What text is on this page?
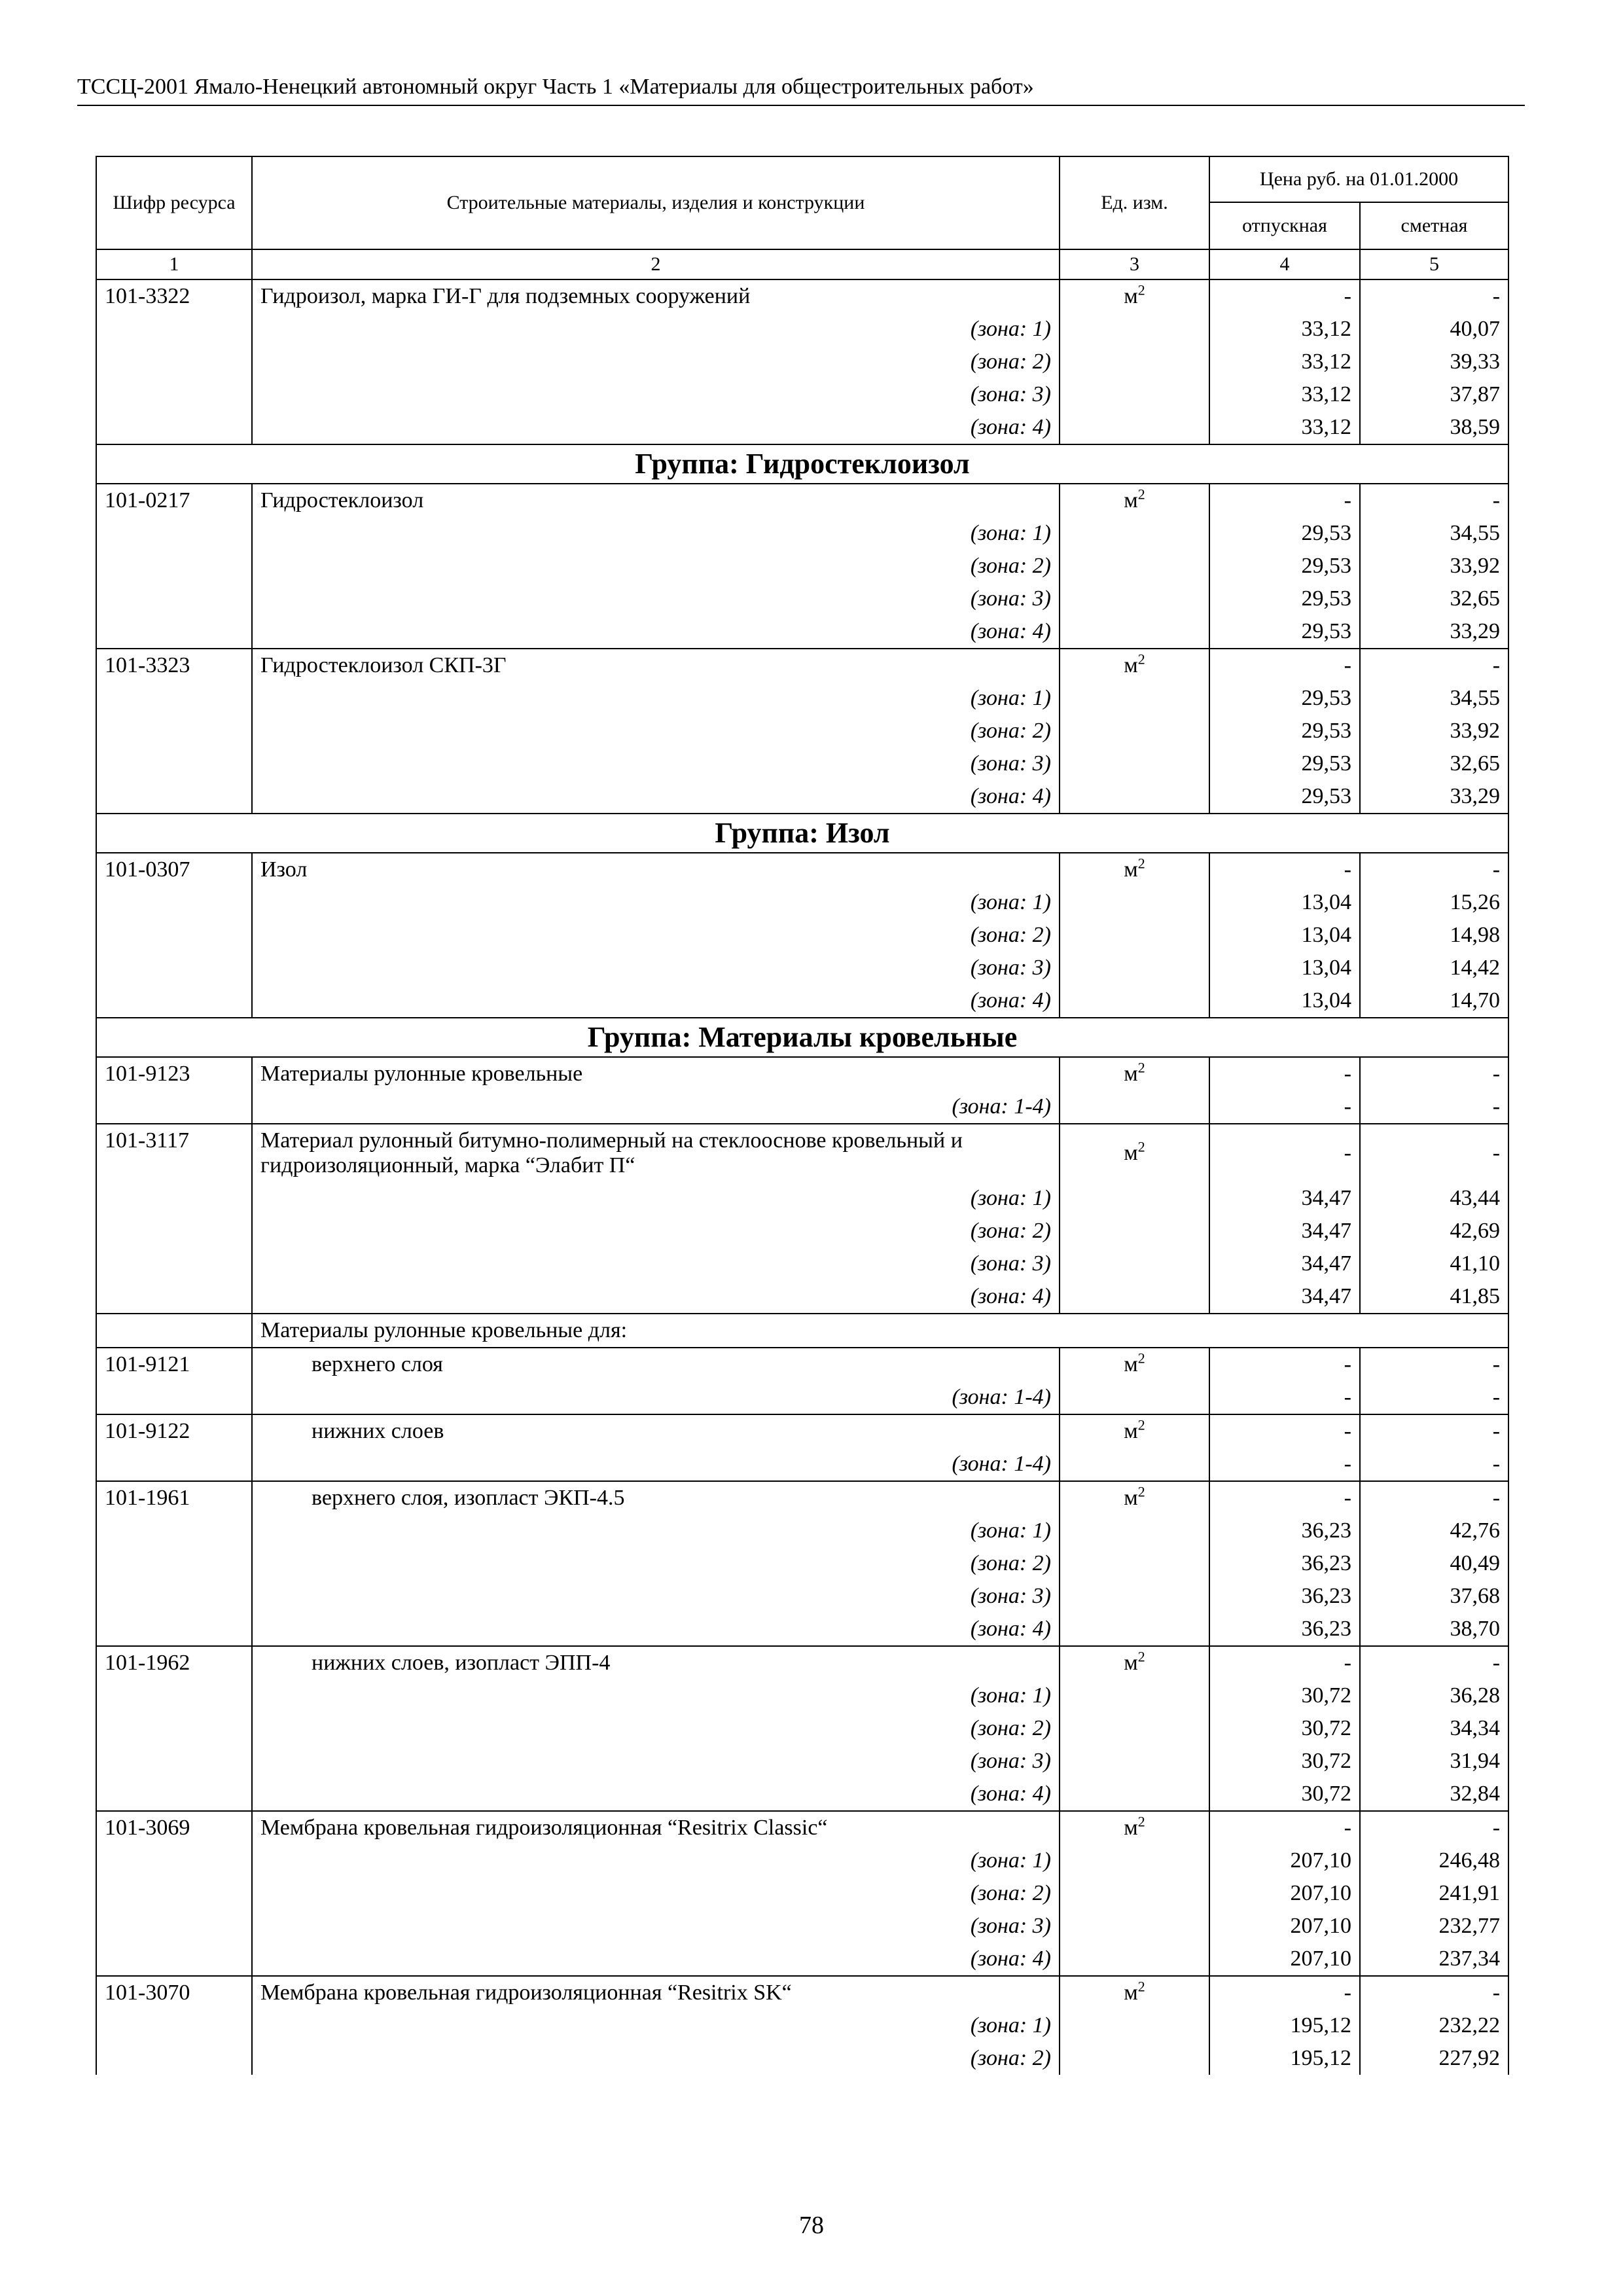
ТССЦ-2001 Ямало-Ненецкий автономный округ Часть 1 «Материалы для общестроительных работ»
Шифр ресурса	Строительные материалы, изделия и конструкции	Ед. изм.	Цена руб. на 01.01.2000	
			отпускная	сметная
1	2	3	4	5
101-3322	Гидроизол, марка ГИ-Г для подземных сооружений	$м^2$	-	-
	(зона: 1)		33,12	40,07
	(зона: 2)		33,12	39,33
	(зона: 3)		33,12	37,87
	(зона: 4)		33,12	38,59
Группа: Гидростеклоизол				
101-0217	Гидростеклоизол	$м^2$	-	-
	(зона: 1)		29,53	34,55
	(зона: 2)		29,53	33,92
	(зона: 3)		29,53	32,65
	(зона: 4)		29,53	33,29
101-3323	Гидростеклоизол СКП-3Г	$м^2$	-	-
	(зона: 1)		29,53	34,55
	(зона: 2)		29,53	33,92
	(зона: 3)		29,53	32,65
	(зона: 4)		29,53	33,29
Группа: Изол				
101-0307	Изол	$м^2$	-	-
	(зона: 1)		13,04	15,26
	(зона: 2)		13,04	14,98
	(зона: 3)		13,04	14,42
	(зона: 4)		13,04	14,70
Группа: Материалы кровельные				
101-9123	Материалы рулонные кровельные	$м^2$	-	-
	(зона: 1-4)		-	-
101-3117	Материал рулонный битумно-полимерный на стеклооснове кровельный и гидроизоляционный, марка “Элабит П“	$м^2$	-	-
	(зона: 1)		34,47	43,44
	(зона: 2)		34,47	42,69
	(зона: 3)		34,47	41,10
	(зона: 4)		34,47	41,85
	Материалы рулонные кровельные для:			
101-9121	верхнего слоя	$м^2$	-	-
	(зона: 1-4)		-	-
101-9122	нижних слоев	$м^2$	-	-
	(зона: 1-4)		-	-
101-1961	верхнего слоя, изопласт ЭКП-4.5	$м^2$	-	-
	(зона: 1)		36,23	42,76
	(зона: 2)		36,23	40,49
	(зона: 3)		36,23	37,68
	(зона: 4)		36,23	38,70
101-1962	нижних слоев, изопласт ЭПП-4	$м^2$	-	-
	(зона: 1)		30,72	36,28
	(зона: 2)		30,72	34,34
	(зона: 3)		30,72	31,94
	(зона: 4)		30,72	32,84
101-3069	Мембрана кровельная гидроизоляционная “Resitrix Classic“	$м^2$	-	-
	(зона: 1)		207,10	246,48
	(зона: 2)		207,10	241,91
	(зона: 3)		207,10	232,77
	(зона: 4)		207,10	237,34
101-3070	Мембрана кровельная гидроизоляционная “Resitrix SK“	$м^2$	-	-
	(зона: 1)		195,12	232,22
	(зона: 2)		195,12	227,92
78
